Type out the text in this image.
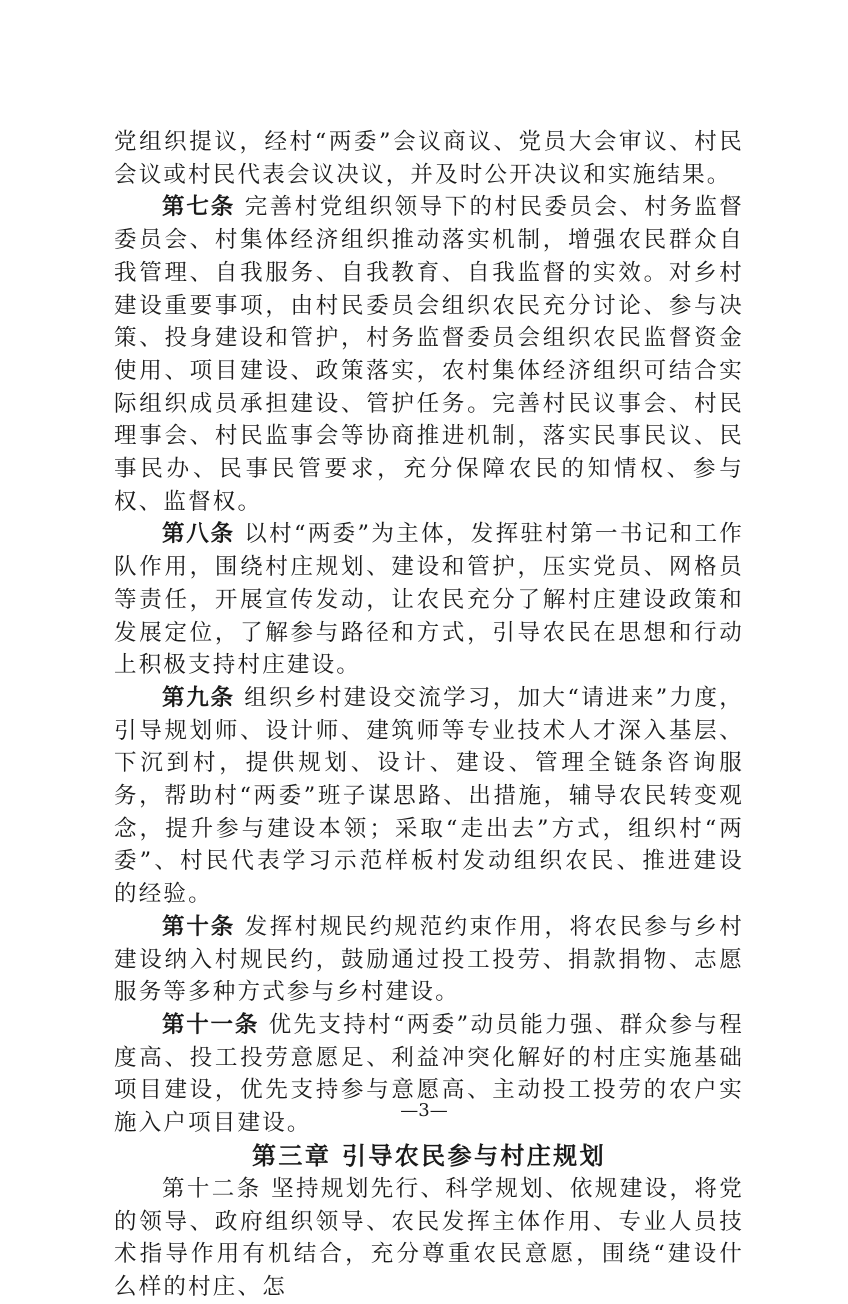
党组织提议，经村“两委”会议商议、党员大会审议、村民会议或村民代表会议决议，并及时公开决议和实施结果。

第七条 完善村党组织领导下的村民委员会、村务监督委员会、村集体经济组织推动落实机制，增强农民群众自我管理、自我服务、自我教育、自我监督的实效。对乡村建设重要事项，由村民委员会组织农民充分讨论、参与决策、投身建设和管护，村务监督委员会组织农民监督资金使用、项目建设、政策落实，农村集体经济组织可结合实际组织成员承担建设、管护任务。完善村民议事会、村民理事会、村民监事会等协商推进机制，落实民事民议、民事民办、民事民管要求，充分保障农民的知情权、参与权、监督权。

第八条 以村“两委”为主体，发挥驻村第一书记和工作队作用，围绕村庄规划、建设和管护，压实党员、网格员等责任，开展宣传发动，让农民充分了解村庄建设政策和发展定位，了解参与路径和方式，引导农民在思想和行动上积极支持村庄建设。

第九条 组织乡村建设交流学习，加大“请进来”力度，引导规划师、设计师、建筑师等专业技术人才深入基层、下沉到村，提供规划、设计、建设、管理全链条咨询服务，帮助村“两委”班子谋思路、出措施，辅导农民转变观念，提升参与建设本领；采取“走出去”方式，组织村“两委”、村民代表学习示范样板村发动组织农民、推进建设的经验。

第十条 发挥村规民约规范约束作用，将农民参与乡村建设纳入村规民约，鼓励通过投工投劳、捐款捐物、志愿服务等多种方式参与乡村建设。

第十一条 优先支持村“两委”动员能力强、群众参与程度高、投工投劳意愿足、利益冲突化解好的村庄实施基础项目建设，优先支持参与意愿高、主动投工投劳的农户实施入户项目建设。

第三章 引导农民参与村庄规划

第十二条 坚持规划先行、科学规划、依规建设，将党的领导、政府组织领导、农民发挥主体作用、专业人员技术指导作用有机结合，充分尊重农民意愿，围绕“建设什么样的村庄、怎

—3—
